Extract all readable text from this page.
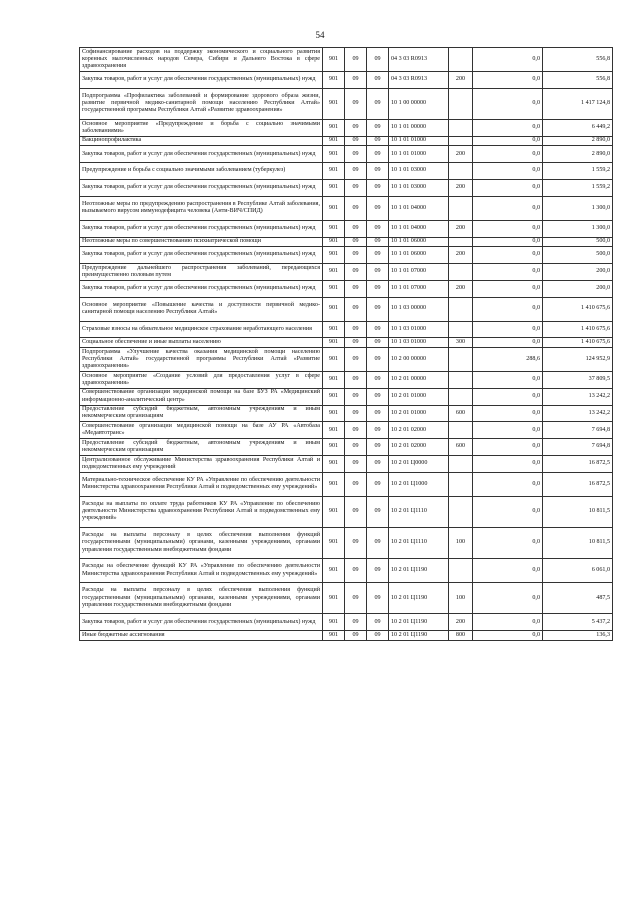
54
Софинансирование расходов на поддержку экономического и социального развития коренных малочисленных народов Севера, Сибири и Дальнего Востока в сфере здравоохранения	901	09	09	04 3 03 R0913		0,0	556,8
Закупка товаров, работ и услуг для обеспечения государственных (муниципальных) нужд	901	09	09	04 3 03 R0913	200	0,0	556,8
Подпрограмма «Профилактика заболеваний и формирование здорового образа жизни, развитие первичной медико-санитарной помощи населению Республики Алтай» государственной программы Республики Алтай «Развитие здравоохранения»	901	09	09	10 1 00 00000		0,0	1 417 124,8
Основное мероприятие «Предупреждение и борьба с социально значимыми заболеваниями»	901	09	09	10 1 01 00000		0,0	6 449,2
Вакцинопрофилактика	901	09	09	10 1 01 01000		0,0	2 890,0
Закупка товаров, работ и услуг для обеспечения государственных (муниципальных) нужд	901	09	09	10 1 01 01000	200	0,0	2 890,0
Предупреждение и борьба с социально значимыми заболеванием (туберкулез)	901	09	09	10 1 01 03000		0,0	1 559,2
Закупка товаров, работ и услуг для обеспечения государственных (муниципальных) нужд	901	09	09	10 1 01 03000	200	0,0	1 559,2
Неотложные меры по предупреждению распространения в Республике Алтай заболевания, вызываемого вирусом иммунодефицита человека (Анти-ВИЧ/СПИД)	901	09	09	10 1 01 04000		0,0	1 300,0
Закупка товаров, работ и услуг для обеспечения государственных (муниципальных) нужд	901	09	09	10 1 01 04000	200	0,0	1 300,0
Неотложные меры по совершенствованию психиатрической помощи	901	09	09	10 1 01 06000		0,0	500,0
Закупка товаров, работ и услуг для обеспечения государственных (муниципальных) нужд	901	09	09	10 1 01 06000	200	0,0	500,0
Предупреждение дальнейшего распространения заболеваний, передающихся преимущественно половым путем	901	09	09	10 1 01 07000		0,0	200,0
Закупка товаров, работ и услуг для обеспечения государственных (муниципальных) нужд	901	09	09	10 1 01 07000	200	0,0	200,0
Основное мероприятие «Повышение качества и доступности первичной медико-санитарной помощи населению Республики Алтай»	901	09	09	10 1 03 00000		0,0	1 410 675,6
Страховые взносы на обязательное медицинское страхование неработающего населения	901	09	09	10 1 03 01000		0,0	1 410 675,6
Социальное обеспечение и иные выплаты населению	901	09	09	10 1 03 01000	300	0,0	1 410 675,6
Подпрограмма «Улучшение качества оказания медицинской помощи населению Республики Алтай» государственной программы Республики Алтай «Развитие здравоохранения»	901	09	09	10 2 00 00000		288,6	124 952,9
Основное мероприятие «Создание условий для предоставления услуг в сфере здравоохранения»	901	09	09	10 2 01 00000		0,0	37 809,5
Совершенствование организации медицинской помощи на базе БУЗ РА «Медицинский информационно-аналитический центр»	901	09	09	10 2 01 01000		0,0	13 242,2
Предоставление субсидий бюджетным, автономным учреждениям и иным некоммерческим организациям	901	09	09	10 2 01 01000	600	0,0	13 242,2
Совершенствование организации медицинской помощи на базе АУ РА «Автобаза «Медавтотранс»	901	09	09	10 2 01 02000		0,0	7 694,8
Предоставление субсидий бюджетным, автономным учреждениям и иным некоммерческим организациям	901	09	09	10 2 01 02000	600	0,0	7 694,8
Централизованное обслуживание Министерства здравоохранения Республики Алтай и подведомственных ему учреждений	901	09	09	10 2 01 Ц0000		0,0	16 872,5
Материально-техническое обеспечение КУ РА «Управление по обеспечению деятельности Министерства здравоохранения Республики Алтай и подведомственных ему учреждений»	901	09	09	10 2 01 Ц1000		0,0	16 872,5
Расходы на выплаты по оплате труда работников КУ РА «Управление по обеспечению деятельности Министерства здравоохранения Республики Алтай и подведомственных ему учреждений»	901	09	09	10 2 01 Ц1110		0,0	10 811,5
Расходы на выплаты персоналу в целях обеспечения выполнения функций государственными (муниципальными) органами, казенными учреждениями, органами управления государственными внебюджетными фондами	901	09	09	10 2 01 Ц1110	100	0,0	10 811,5
Расходы на обеспечение функций КУ РА «Управление по обеспечению деятельности Министерства здравоохранения Республики Алтай и подведомственных ему учреждений»	901	09	09	10 2 01 Ц1190		0,0	6 061,0
Расходы на выплаты персоналу в целях обеспечения выполнения функций государственными (муниципальными) органами, казенными учреждениями, органами управления государственными внебюджетными фондами	901	09	09	10 2 01 Ц1190	100	0,0	487,5
Закупка товаров, работ и услуг для обеспечения государственных (муниципальных) нужд	901	09	09	10 2 01 Ц1190	200	0,0	5 437,2
Иные бюджетные ассигнования	901	09	09	10 2 01 Ц1190	800	0,0	136,3
